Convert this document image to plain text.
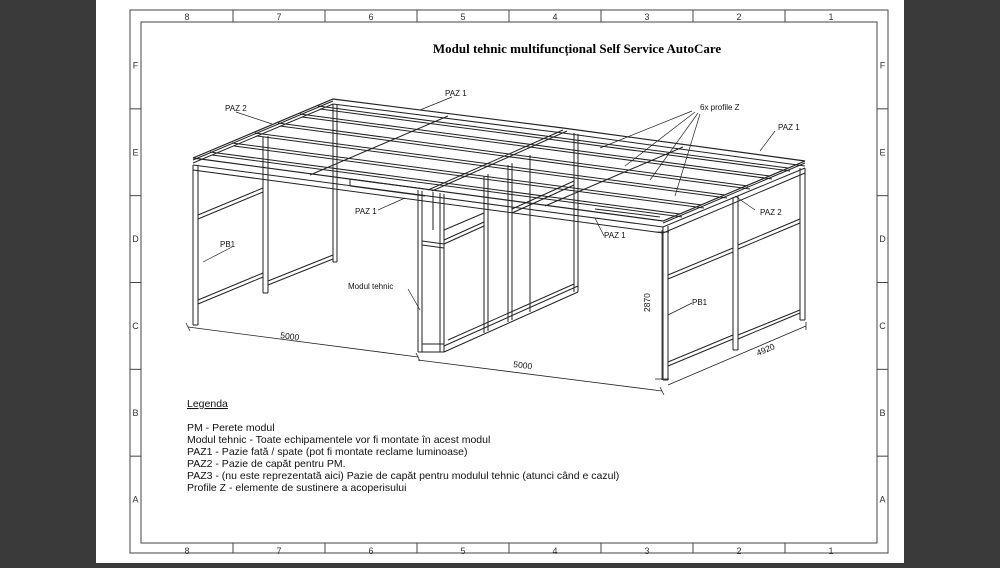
8
8
7
7
6
6
5
5
4
4
3
3
2
2
1
1
F	F
E	E
D	D
C	C
B	B
A	A
Modul tehnic multifuncțional Self Service AutoCare
PAZ 2
PAZ 1
6x profile Z
PAZ 1
PAZ 1	PAZ 2
PAZ 1
PB1
Modul tehnic
PB1
5000
5000
2870
4920
Legenda
PM - Perete modul
Modul tehnic - Toate echipamentele vor fi montate în acest modul
PAZ1 - Pazie fată / spate (pot fi montate reclame luminoase)
PAZ2 - Pazie de capăt pentru PM.
PAZ3 - (nu este reprezentată aici) Pazie de capăt pentru modulul tehnic (atunci când e cazul)
Profile Z - elemente de sustinere a acoperisului
